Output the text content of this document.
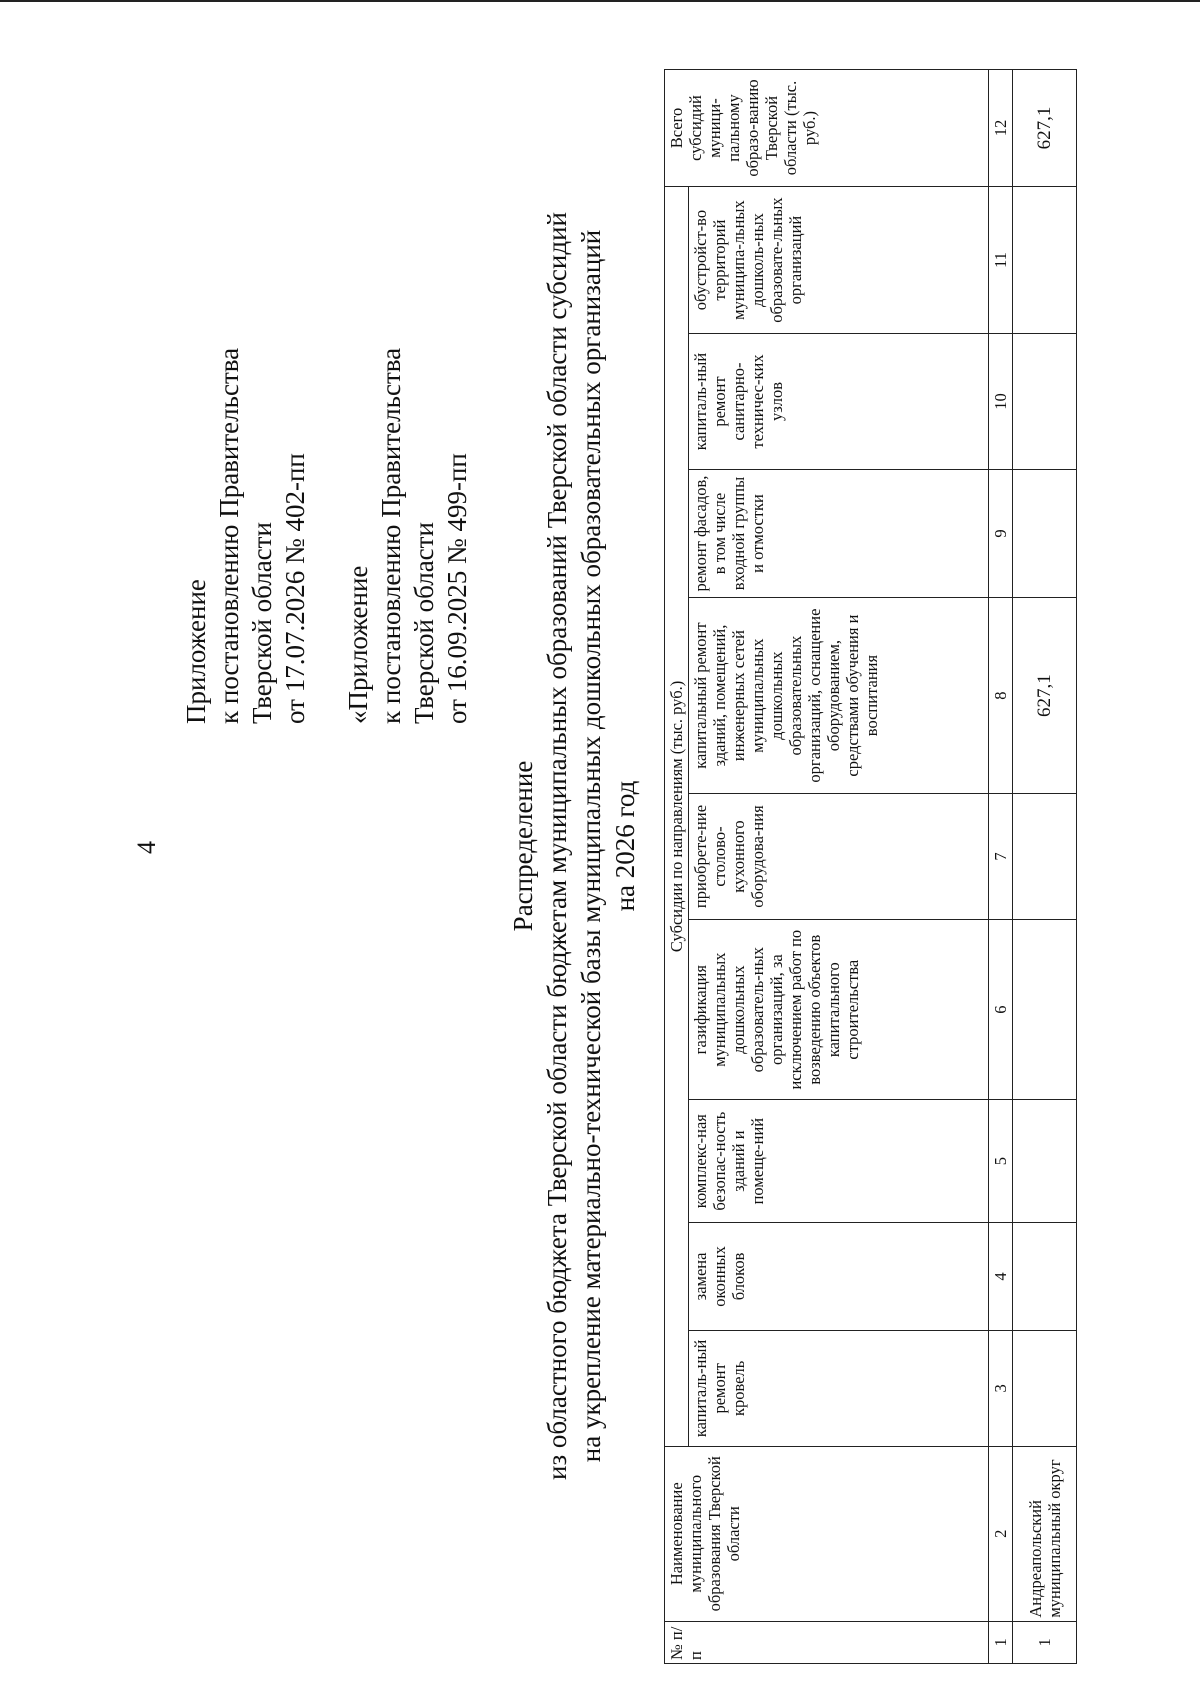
4
Приложение к постановлению Правительства Тверской области от 17.07.2026 № 402-пп «Приложение к постановлению Правительства Тверской области от 16.09.2025 № 499-пп
Распределение из областного бюджета Тверской области бюджетам муниципальных образований Тверской области субсидий на укрепление материально-технической базы муниципальных дошкольных образовательных организаций на 2026 год
№ п/п	Наименование муниципального образования Тверской области	Субсидии по направлениям (тыс. руб.)									Всего субсидий муници-пальному образо-ванию Тверской области (тыс. руб.)
		капиталь-ный ремонт кровель	замена оконных блоков	комплекс-ная безопас-ность зданий и помеще-ний	газификация муниципальных дошкольных образователь-ных организаций, за исключением работ по возведению объектов капитального строительства	приобрете-ние столово-кухонного оборудова-ния	капитальный ремонт зданий, помещений, инженерных сетей муниципальных дошкольных образовательных организаций, оснащение оборудованием, средствами обучения и воспитания	ремонт фасадов, в том числе входной группы и отмостки	капиталь-ный ремонт санитарно-техничес-ких узлов	обустройст-во территорий муниципа-льных дошколь-ных образовате-льных организаций	
1	2	3	4	5	6	7	8	9	10	11	12
1	Андреапольский муниципальный округ						627,1				627,1
